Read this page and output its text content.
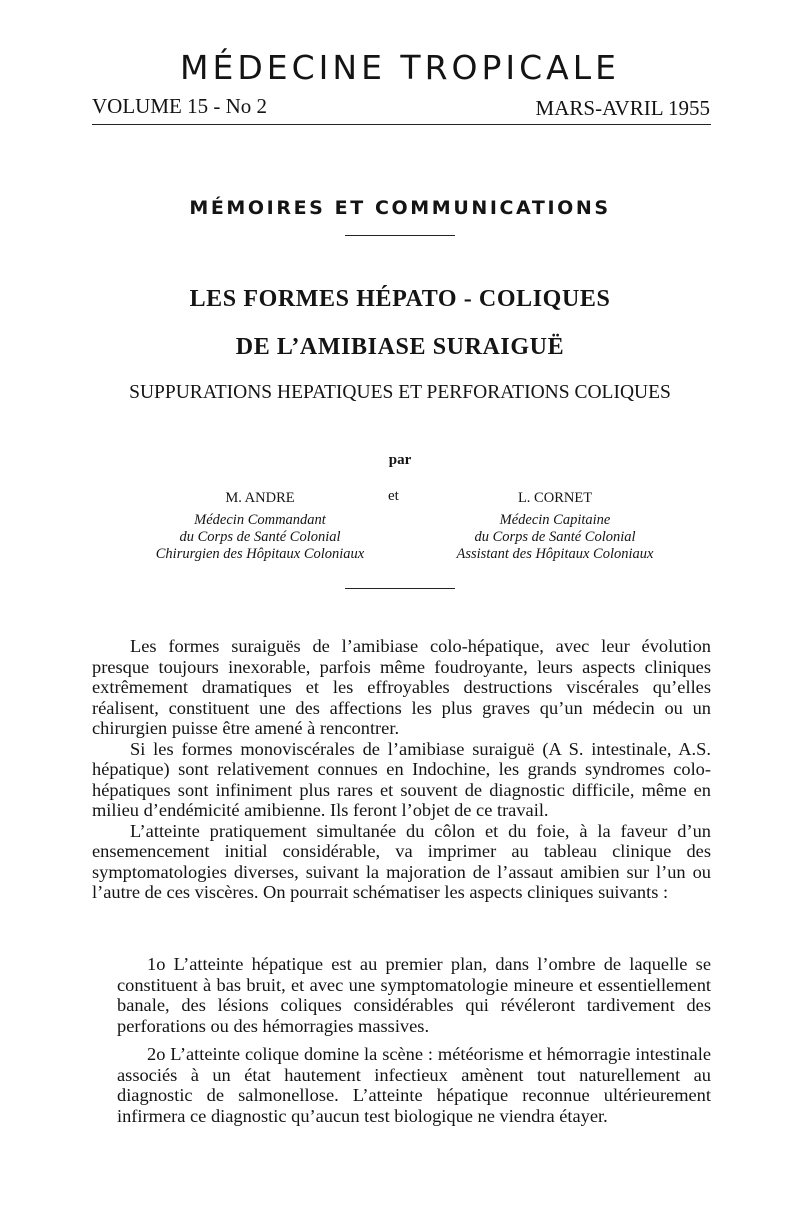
MÉDECINE TROPICALE
VOLUME 15 - No 2	MARS-AVRIL 1955
MÉMOIRES ET COMMUNICATIONS
LES FORMES HÉPATO - COLIQUES
DE L’AMIBIASE SURAIGUË
SUPPURATIONS HEPATIQUES ET PERFORATIONS COLIQUES
par
M. ANDRE
Médecin Commandant
du Corps de Santé Colonial
Chirurgien des Hôpitaux Coloniaux
et	L. CORNET
Médecin Capitaine
du Corps de Santé Colonial
Assistant des Hôpitaux Coloniaux

Les formes suraiguës de l’amibiase colo-hépatique, avec leur évolution presque toujours inexorable, parfois même foudroyante, leurs aspects cliniques extrêmement dramatiques et les effroyables destructions viscérales qu’elles réalisent, constituent une des affections les plus graves qu’un médecin ou un chirurgien puisse être amené à rencontrer.

Si les formes monoviscérales de l’amibiase suraiguë (A S. intestinale, A.S. hépatique) sont relativement connues en Indochine, les grands syndromes colo-hépatiques sont infiniment plus rares et souvent de diagnostic difficile, même en milieu d’endémicité amibienne. Ils feront l’objet de ce travail.

L’atteinte pratiquement simultanée du côlon et du foie, à la faveur d’un ensemencement initial considérable, va imprimer au tableau clinique des symptomatologies diverses, suivant la majoration de l’assaut amibien sur l’un ou l’autre de ces viscères. On pourrait schématiser les aspects cliniques suivants :

1o L’atteinte hépatique est au premier plan, dans l’ombre de laquelle se constituent à bas bruit, et avec une symptomatologie mineure et essentiellement banale, des lésions coliques considérables qui révéleront tardivement des perforations ou des hémorragies massives.

2o L’atteinte colique domine la scène : météorisme et hémorragie intestinale associés à un état hautement infectieux amènent tout naturellement au diagnostic de salmonellose. L’atteinte hépatique reconnue ultérieurement infirmera ce diagnostic qu’aucun test biologique ne viendra étayer.
